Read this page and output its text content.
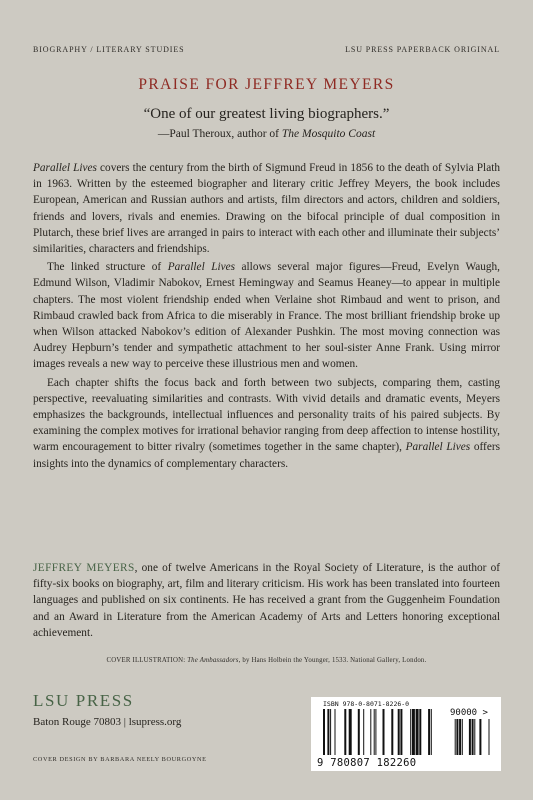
BIOGRAPHY / LITERARY STUDIES	LSU PRESS PAPERBACK ORIGINAL
PRAISE FOR JEFFREY MEYERS
“One of our greatest living biographers.”
—Paul Theroux, author of The Mosquito Coast

Parallel Lives covers the century from the birth of Sigmund Freud in 1856 to the death of Sylvia Plath in 1963. Written by the esteemed biographer and literary critic Jeffrey Meyers, the book includes European, American and Russian authors and artists, film directors and actors, children and soldiers, friends and lovers, rivals and enemies. Drawing on the bifocal principle of dual composition in Plutarch, these brief lives are arranged in pairs to interact with each other and illuminate their subjects’ similarities, characters and friendships.

The linked structure of Parallel Lives allows several major figures—Freud, Evelyn Waugh, Edmund Wilson, Vladimir Nabokov, Ernest Hemingway and Seamus Heaney—to appear in multiple chapters. The most violent friendship ended when Verlaine shot Rimbaud and went to prison, and Rimbaud crawled back from Africa to die miserably in France. The most brilliant friendship broke up when Wilson attacked Nabokov’s edition of Alexander Pushkin. The most moving connection was Audrey Hepburn’s tender and sympathetic attachment to her soul-sister Anne Frank. Using mirror images reveals a new way to perceive these illustrious men and women.

Each chapter shifts the focus back and forth between two subjects, comparing them, casting perspective, reevaluating similarities and contrasts. With vivid details and dramatic events, Meyers emphasizes the backgrounds, intellectual influences and personality traits of his paired subjects. By examining the complex motives for irrational behavior ranging from deep affection to intense hostility, warm encouragement to bitter rivalry (sometimes together in the same chapter), Parallel Lives offers insights into the dynamics of complementary characters.

JEFFREY MEYERS, one of twelve Americans in the Royal Society of Literature, is the author of fifty-six books on biography, art, film and literary criticism. His work has been translated into fourteen languages and published on six continents. He has received a grant from the Guggenheim Foundation and an Award in Literature from the American Academy of Arts and Letters honoring exceptional achievement.
COVER ILLUSTRATION: The Ambassadors, by Hans Holbein the Younger, 1533. National Gallery, London.
LSU PRESS
Baton Rouge 70803 | lsupress.org
COVER DESIGN BY BARBARA NEELY BOURGOYNE
ISBN 978-0-8071-8226-0
90000 >
9 780807 182260
